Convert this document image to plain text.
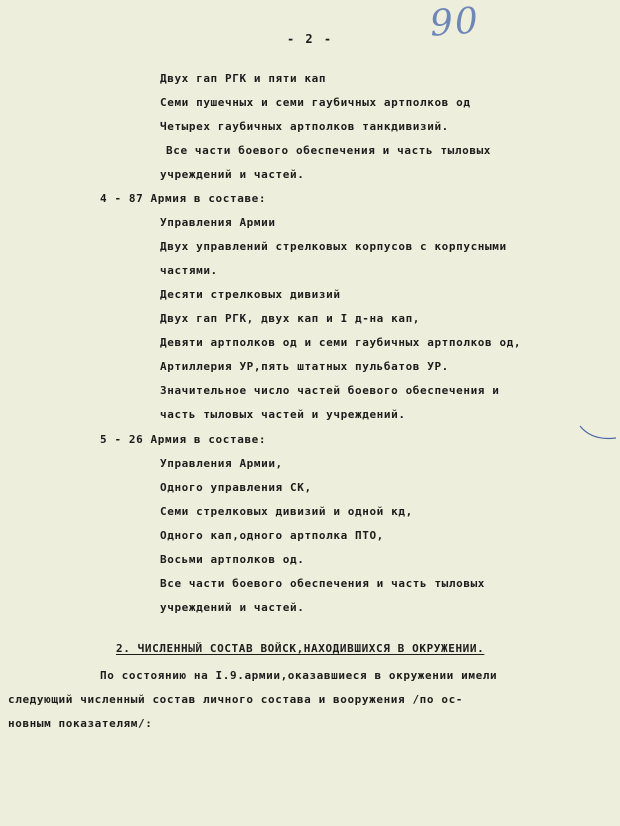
90
- 2 -
Двух гап РГК и пяти кап
Семи пушечных и семи гаубичных артполков од
Четырех гаубичных артполков танкдивизий.
Все части боевого обеспечения и часть тыловых
учреждений и частей.
4 - 87 Армия в составе:
Управления Армии
Двух управлений стрелковых корпусов с корпусными
частями.
Десяти стрелковых дивизий
Двух гап РГК, двух кап и I д-на кап,
Девяти артполков од и семи гаубичных артполков од,
Артиллерия УР,пять штатных пульбатов УР.
Значительное число частей боевого обеспечения и
часть тыловых частей и учреждений.
5 - 26 Армия в составе:
Управления Армии,
Одного управления СК,
Семи стрелковых дивизий и одной кд,
Одного кап,одного артполка ПТО,
Восьми артполков од.
Все части боевого обеспечения и часть тыловых
учреждений и частей.
2. ЧИСЛЕННЫЙ СОСТАВ ВОЙСК,НАХОДИВШИХСЯ В ОКРУЖЕНИИ.
По состоянию на I.9.армии,оказавшиеся в окружении имели
следующий численный состав личного состава и вооружения /по ос-
новным показателям/:
